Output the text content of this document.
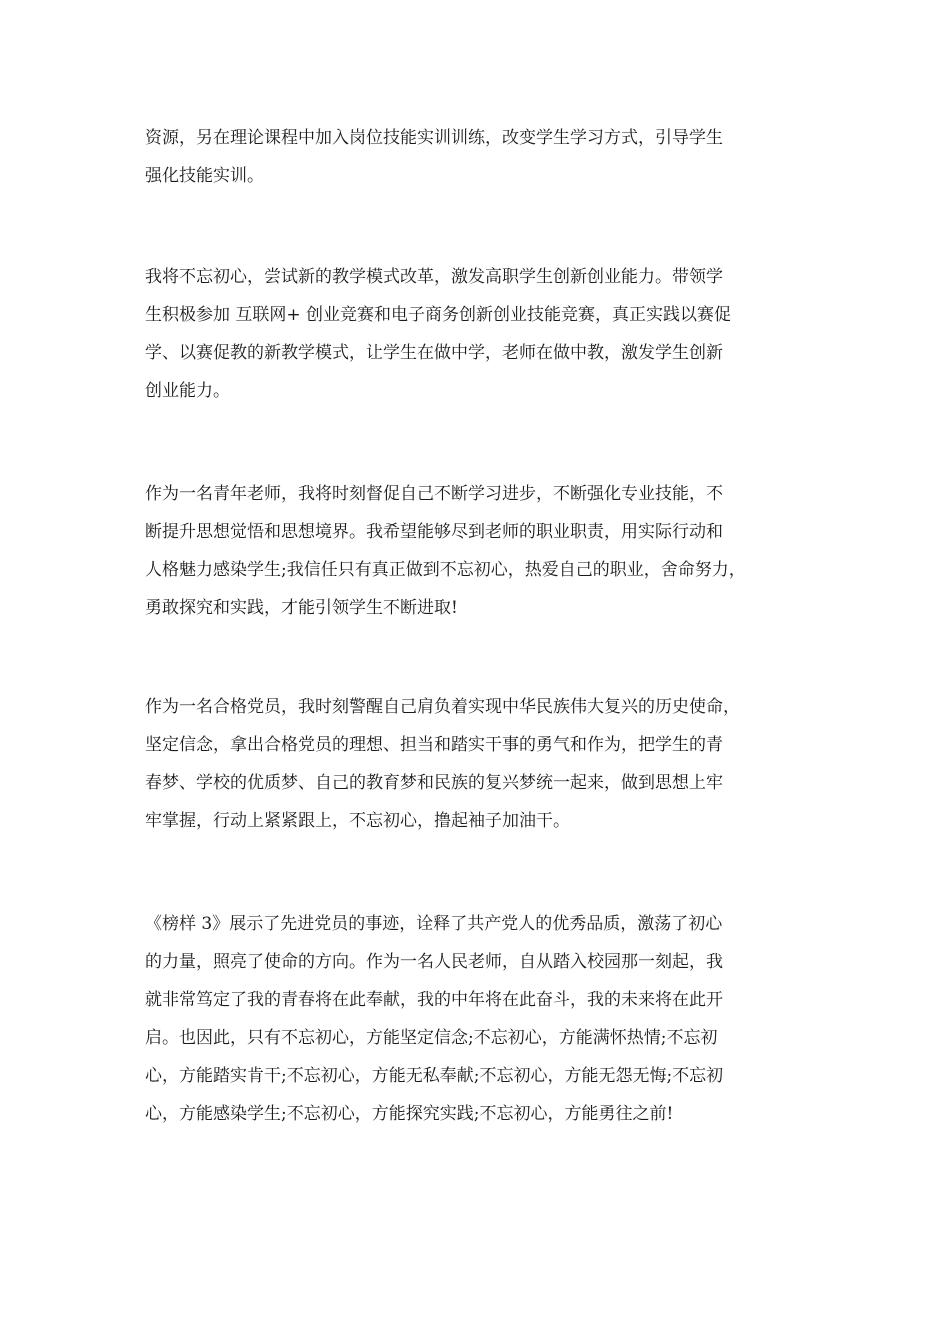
资源，另在理论课程中加入岗位技能实训训练，改变学生学习方式，引导学生
强化技能实训。
我将不忘初心，尝试新的教学模式改革，激发高职学生创新创业能力。带领学
生积极参加 互联网+ 创业竞赛和电子商务创新创业技能竞赛，真正实践以赛促
学、以赛促教的新教学模式，让学生在做中学，老师在做中教，激发学生创新
创业能力。
作为一名青年老师，我将时刻督促自己不断学习进步，不断强化专业技能，不
断提升思想觉悟和思想境界。我希望能够尽到老师的职业职责，用实际行动和
人格魅力感染学生;我信任只有真正做到不忘初心，热爱自己的职业，舍命努力，
勇敢探究和实践，才能引领学生不断进取!
作为一名合格党员，我时刻警醒自己肩负着实现中华民族伟大复兴的历史使命，
坚定信念，拿出合格党员的理想、担当和踏实干事的勇气和作为，把学生的青
春梦、学校的优质梦、自己的教育梦和民族的复兴梦统一起来，做到思想上牢
牢掌握，行动上紧紧跟上，不忘初心，撸起袖子加油干。
《榜样 3》展示了先进党员的事迹，诠释了共产党人的优秀品质，激荡了初心
的力量，照亮了使命的方向。作为一名人民老师，自从踏入校园那一刻起，我
就非常笃定了我的青春将在此奉献，我的中年将在此奋斗，我的未来将在此开
启。也因此，只有不忘初心，方能坚定信念;不忘初心，方能满怀热情;不忘初
心，方能踏实肯干;不忘初心，方能无私奉献;不忘初心，方能无怨无悔;不忘初
心，方能感染学生;不忘初心，方能探究实践;不忘初心，方能勇往之前!
